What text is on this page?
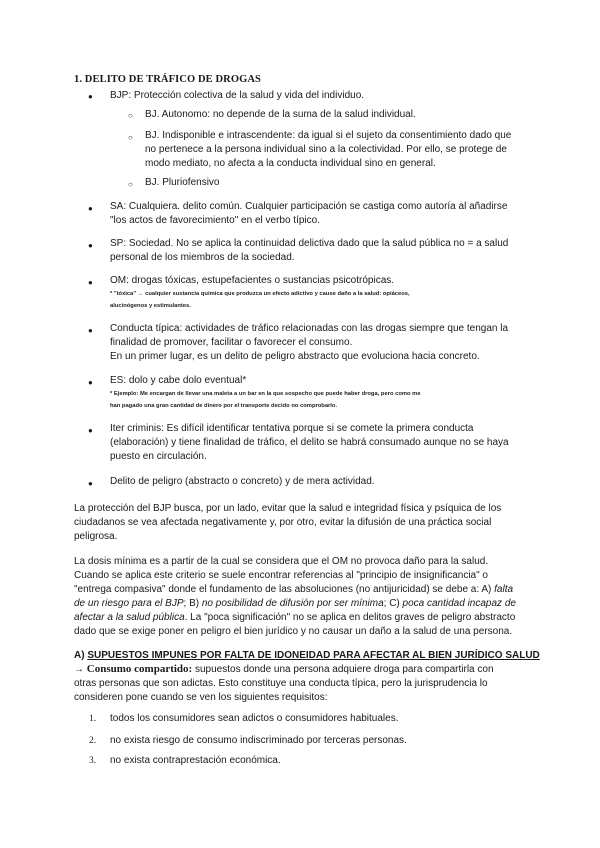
1. DELITO DE TRÁFICO DE DROGAS
● BJP: Protección colectiva de la salud y vida del individuo.
○ BJ. Autonomo: no depende de la suma de la salud individual.
○ BJ. Indisponible e intrascendente: da igual si el sujeto da consentimiento dado que
no pertenece a la persona individual sino a la colectividad. Por ello, se protege de
modo mediato, no afecta a la conducta individual sino en general.
○ BJ. Pluriofensivo
● SA: Cualquiera. delito común. Cualquier participación se castiga como autoría al añadirse
"los actos de favorecimiento" en el verbo típico.
● SP: Sociedad. No se aplica la continuidad delictiva dado que la salud pública no = a salud
personal de los miembros de la sociedad.
● OM: drogas tóxicas, estupefacientes o sustancias psicotrópicas.
* "tóxica" → cualquier sustancia química que produzca un efecto adictivo y cause daño a la salud: opiáceos,
alucinógenos y estimulantes.
● Conducta típica: actividades de tráfico relacionadas con las drogas siempre que tengan la
finalidad de promover, facilitar o favorecer el consumo.
En un primer lugar, es un delito de peligro abstracto que evoluciona hacia concreto.
● ES: dolo y cabe dolo eventual*
* Ejemplo: Me encargan de llevar una maleta a un bar en la que sospecho que puede haber droga, pero como me
han pagado una gran cantidad de dinero por el transporte decido no comprobarlo.
● Iter criminis: Es difícil identificar tentativa porque si se comete la primera conducta
(elaboración) y tiene finalidad de tráfico, el delito se habrá consumado aunque no se haya
puesto en circulación.
● Delito de peligro (abstracto o concreto) y de mera actividad.
La protección del BJP busca, por un lado, evitar que la salud e integridad física y psíquica de los
ciudadanos se vea afectada negativamente y, por otro, evitar la difusión de una práctica social
peligrosa.
La dosis mínima es a partir de la cual se considera que el OM no provoca daño para la salud.
Cuando se aplica este criterio se suele encontrar referencias al "principio de insignificancia" o
"entrega compasiva" donde el fundamento de las absoluciones (no antijuricidad) se debe a: A) falta
de un riesgo para el BJP; B) no posibilidad de difusión por ser mínima; C) poca cantidad incapaz de
afectar a la salud pública. La "poca significación" no se aplica en delitos graves de peligro abstracto
dado que se exige poner en peligro el bien jurídico y no causar un daño a la salud de una persona.
A) SUPUESTOS IMPUNES POR FALTA DE IDONEIDAD PARA AFECTAR AL BIEN JURÍDICO SALUD
→ Consumo compartido: supuestos donde una persona adquiere droga para compartirla con
otras personas que son adictas. Esto constituye una conducta típica, pero la jurisprudencia lo
consideren pone cuando se ven los siguientes requisitos:
1. todos los consumidores sean adictos o consumidores habituales.
2. no exista riesgo de consumo indiscriminado por terceras personas.
3. no exista contraprestación económica.
